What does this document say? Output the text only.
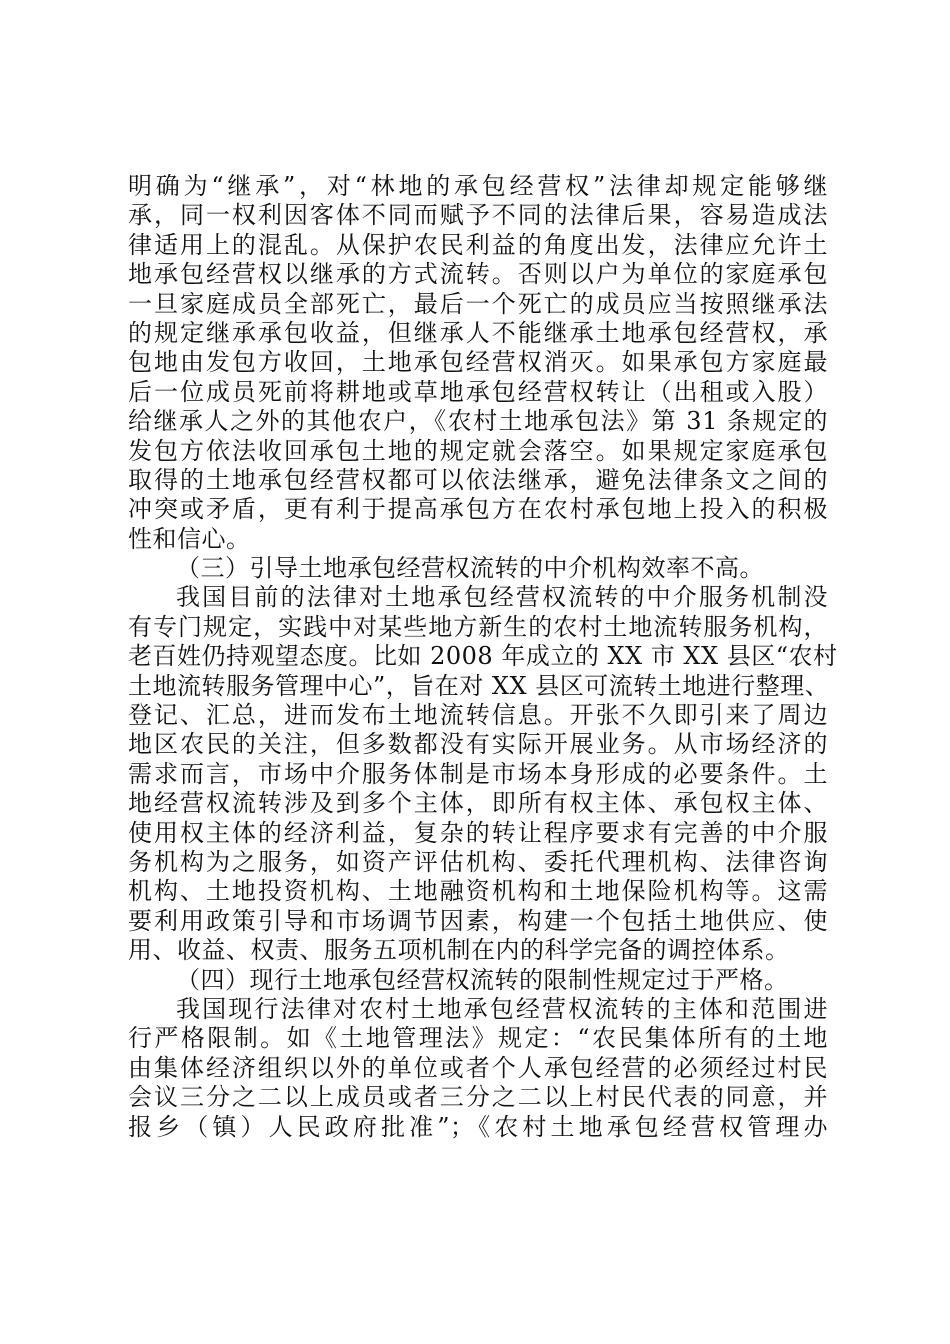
明确为“继承”，对“林地的承包经营权”法律却规定能够继
承，同一权利因客体不同而赋予不同的法律后果，容易造成法
律适用上的混乱。从保护农民利益的角度出发，法律应允许土
地承包经营权以继承的方式流转。否则以户为单位的家庭承包
一旦家庭成员全部死亡，最后一个死亡的成员应当按照继承法
的规定继承承包收益，但继承人不能继承土地承包经营权，承
包地由发包方收回，土地承包经营权消灭。如果承包方家庭最
后一位成员死前将耕地或草地承包经营权转让（出租或入股）
给继承人之外的其他农户，《农村土地承包法》第 31 条规定的
发包方依法收回承包土地的规定就会落空。如果规定家庭承包
取得的土地承包经营权都可以依法继承，避免法律条文之间的
冲突或矛盾，更有利于提高承包方在农村承包地上投入的积极
性和信心。
（三）引导土地承包经营权流转的中介机构效率不高。
我国目前的法律对土地承包经营权流转的中介服务机制没
有专门规定，实践中对某些地方新生的农村土地流转服务机构，
老百姓仍持观望态度。比如 2008 年成立的 XX 市 XX 县区“农村
土地流转服务管理中心”，旨在对 XX 县区可流转土地进行整理、
登记、汇总，进而发布土地流转信息。开张不久即引来了周边
地区农民的关注，但多数都没有实际开展业务。从市场经济的
需求而言，市场中介服务体制是市场本身形成的必要条件。土
地经营权流转涉及到多个主体，即所有权主体、承包权主体、
使用权主体的经济利益，复杂的转让程序要求有完善的中介服
务机构为之服务，如资产评估机构、委托代理机构、法律咨询
机构、土地投资机构、土地融资机构和土地保险机构等。这需
要利用政策引导和市场调节因素，构建一个包括土地供应、使
用、收益、权责、服务五项机制在内的科学完备的调控体系。
（四）现行土地承包经营权流转的限制性规定过于严格。
我国现行法律对农村土地承包经营权流转的主体和范围进
行严格限制。如《土地管理法》规定：“农民集体所有的土地
由集体经济组织以外的单位或者个人承包经营的必须经过村民
会议三分之二以上成员或者三分之二以上村民代表的同意，并
报乡（镇）人民政府批准”；《农村土地承包经营权管理办
